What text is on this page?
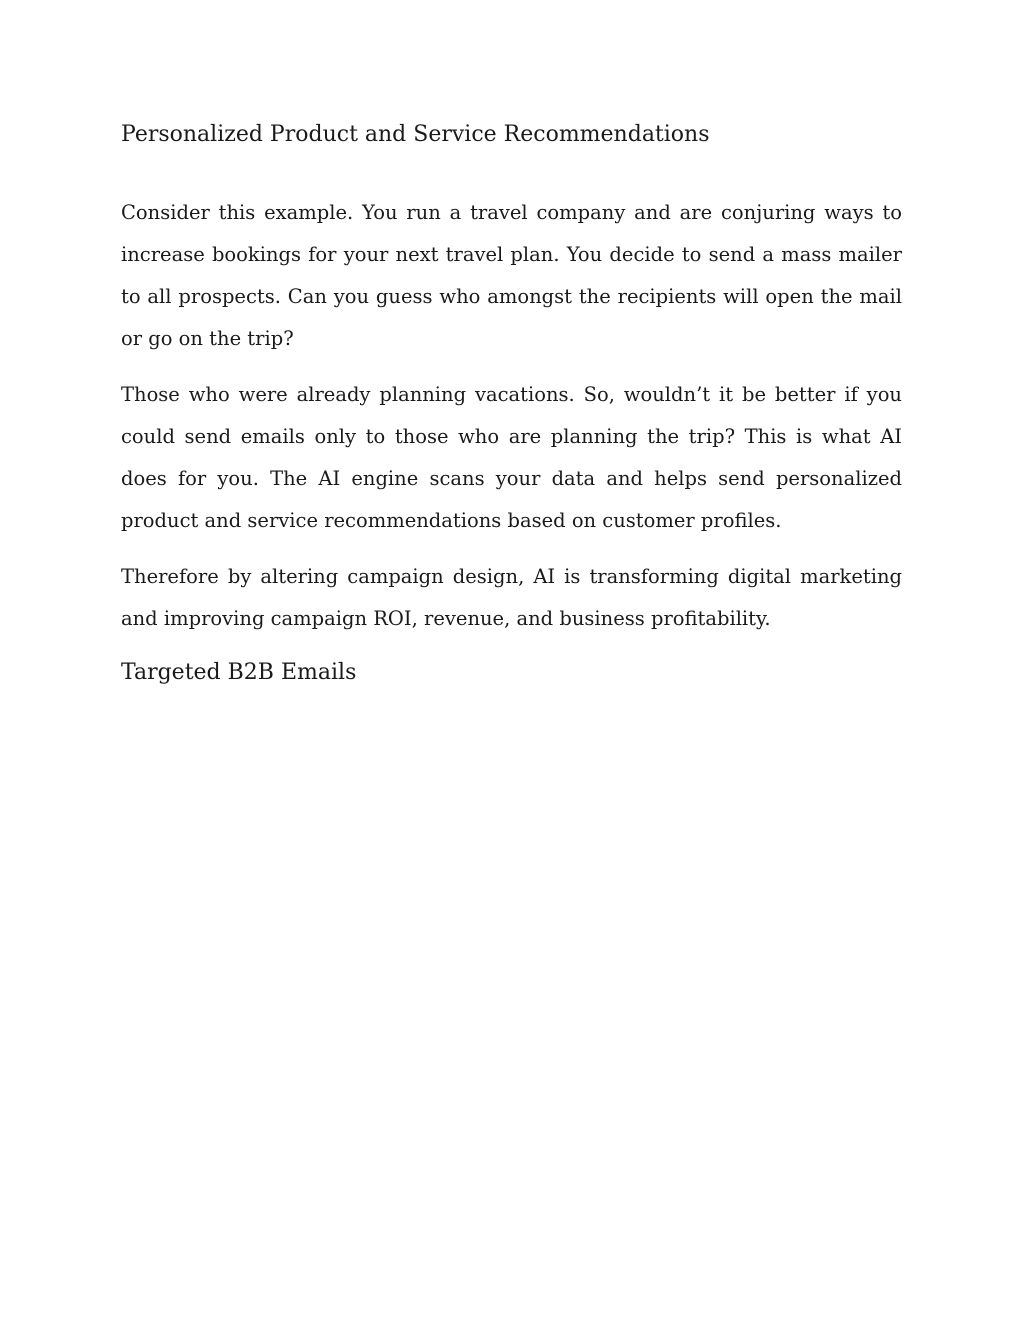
Personalized Product and Service Recommendations

Consider this example. You run a travel company and are conjuring ways to increase bookings for your next travel plan. You decide to send a mass mailer to all prospects. Can you guess who amongst the recipients will open the mail or go on the trip?

Those who were already planning vacations. So, wouldn’t it be better if you could send emails only to those who are planning the trip? This is what AI does for you. The AI engine scans your data and helps send personalized product and service recommendations based on customer profiles.

Therefore by altering campaign design, AI is transforming digital marketing and improving campaign ROI, revenue, and business profitability.

Targeted B2B Emails
